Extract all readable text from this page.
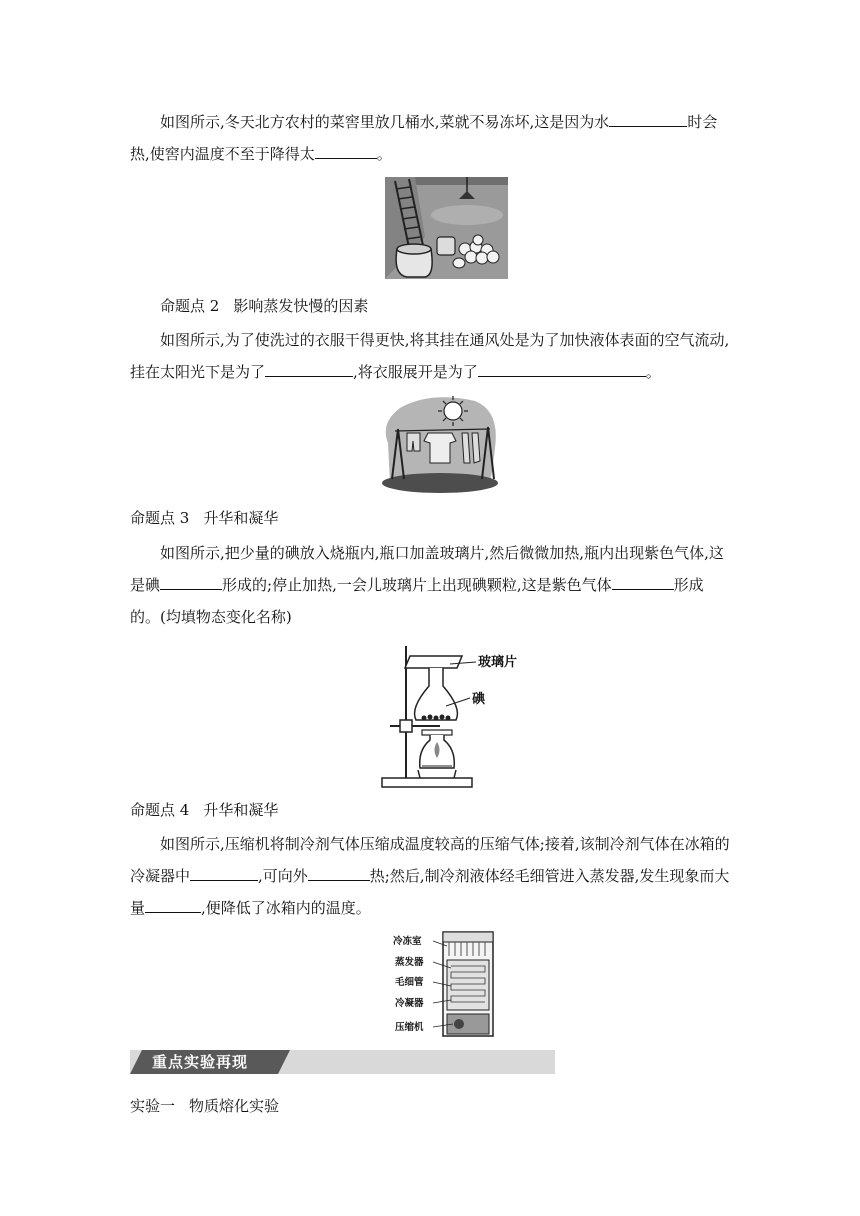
如图所示,冬天北方农村的菜窖里放几桶水,菜就不易冻坏,这是因为水	时会热,使窖内温度不至于降得太	。
命题点 2 影响蒸发快慢的因素
如图所示,为了使洗过的衣服干得更快,将其挂在通风处是为了加快液体表面的空气流动,挂在太阳光下是为了	,将衣服展开是为了	。
命题点 3 升华和凝华
如图所示,把少量的碘放入烧瓶内,瓶口加盖玻璃片,然后微微加热,瓶内出现紫色气体,这是碘	形成的;停止加热,一会儿玻璃片上出现碘颗粒,这是紫色气体	形成的。(均填物态变化名称)
玻璃片
碘
命题点 4 升华和凝华
如图所示,压缩机将制冷剂气体压缩成温度较高的压缩气体;接着,该制冷剂气体在冰箱的冷凝器中	,可向外	热;然后,制冷剂液体经毛细管进入蒸发器,发生现象而大量	,便降低了冰箱内的温度。
冷冻室
蒸发器
毛细管
冷凝器
压缩机
重点实验再现
实验一 物质熔化实验
